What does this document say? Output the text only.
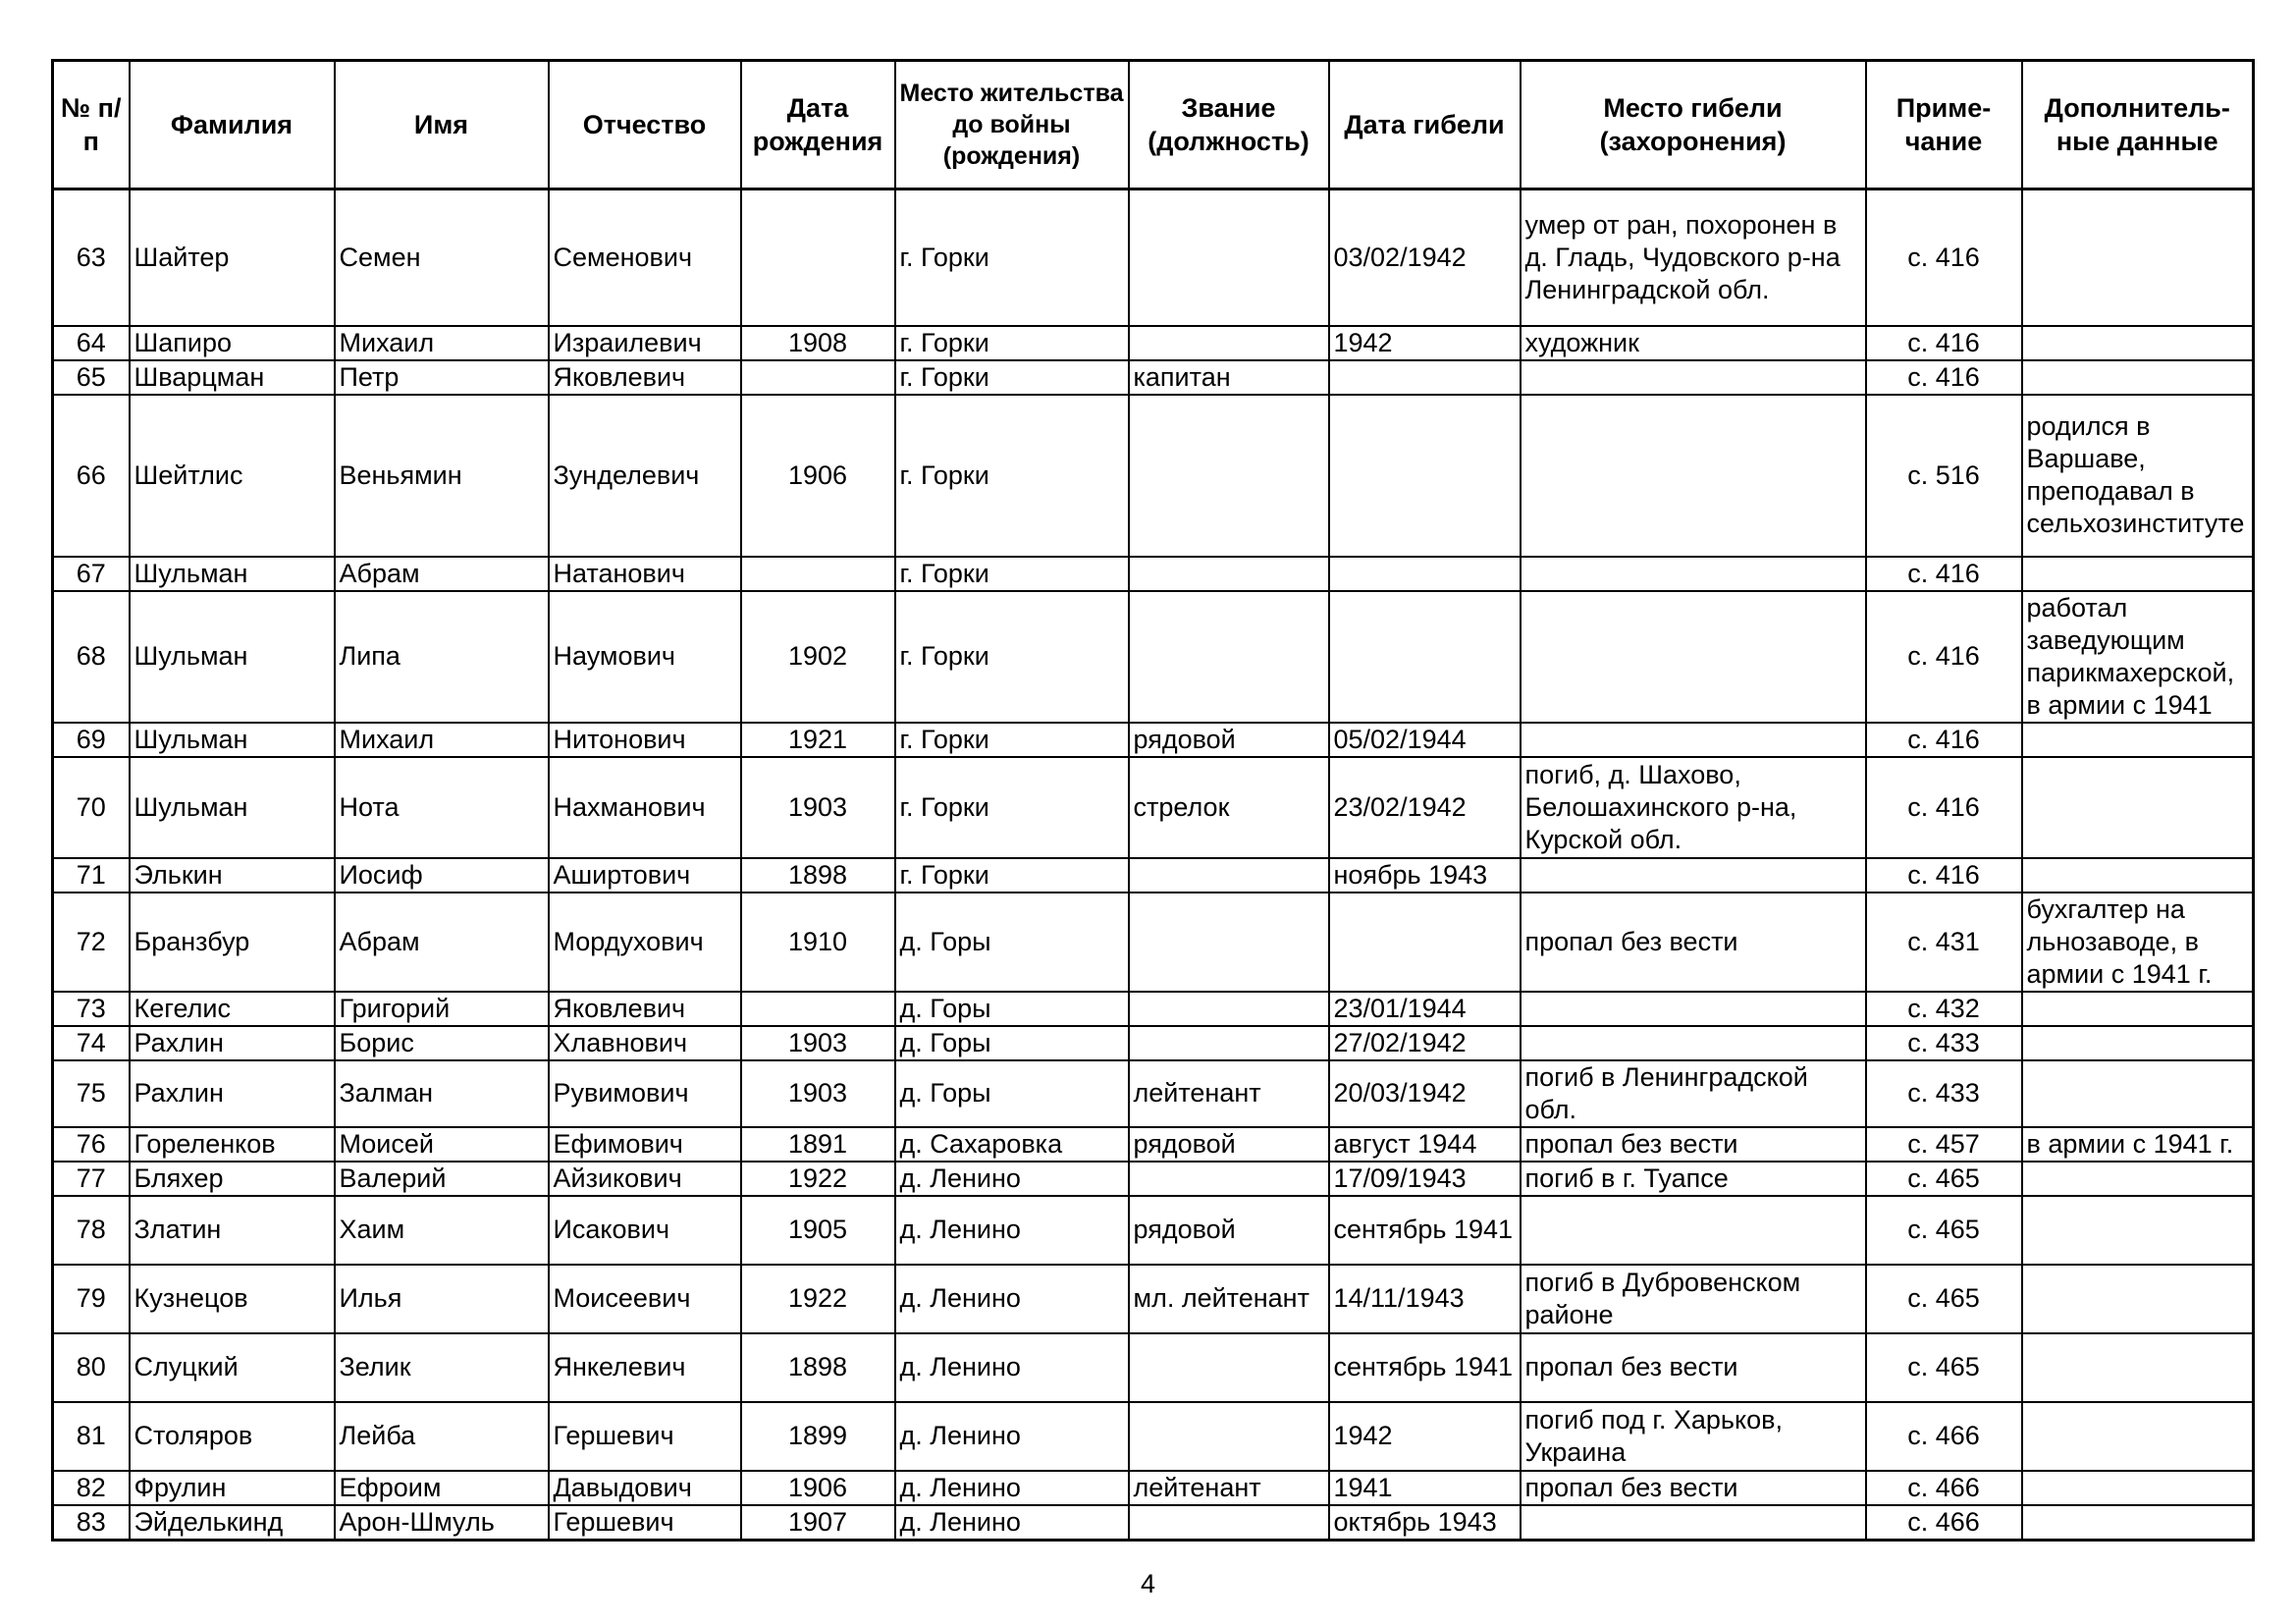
№ п/п	Фамилия	Имя	Отчество	Дата рождения	Место жительства до войны (рождения)	Звание (должность)	Дата гибели	Место гибели (захоронения)	Приме-чание	Дополнитель-ные данные
63	Шайтер	Семен	Семенович		г. Горки		03/02/1942	умер от ран, похоронен в д. Гладь, Чудовского р-на Ленинградской обл.	с. 416	
64	Шапиро	Михаил	Израилевич	1908	г. Горки		1942	художник	с. 416	
65	Шварцман	Петр	Яковлевич		г. Горки	капитан			с. 416	
66	Шейтлис	Веньямин	Зунделевич	1906	г. Горки				с. 516	родился в Варшаве, преподавал в сельхозинституте
67	Шульман	Абрам	Натанович		г. Горки				с. 416	
68	Шульман	Липа	Наумович	1902	г. Горки				с. 416	работал заведующим парикмахерской, в армии с 1941
69	Шульман	Михаил	Нитонович	1921	г. Горки	рядовой	05/02/1944		с. 416	
70	Шульман	Нота	Нахманович	1903	г. Горки	стрелок	23/02/1942	погиб, д. Шахово, Белошахинского р-на, Курской обл.	с. 416	
71	Элькин	Иосиф	Аширтович	1898	г. Горки		ноябрь 1943		с. 416	
72	Бранзбур	Абрам	Мордухович	1910	д. Горы			пропал без вести	с. 431	бухгалтер на льнозаводе, в армии с 1941 г.
73	Кегелис	Григорий	Яковлевич		д. Горы		23/01/1944		с. 432	
74	Рахлин	Борис	Хлавнович	1903	д. Горы		27/02/1942		с. 433	
75	Рахлин	Залман	Рувимович	1903	д. Горы	лейтенант	20/03/1942	погиб в Ленинградской обл.	с. 433	
76	Гореленков	Моисей	Ефимович	1891	д. Сахаровка	рядовой	август 1944	пропал без вести	с. 457	в армии с 1941 г.
77	Бляхер	Валерий	Айзикович	1922	д. Ленино		17/09/1943	погиб в г. Туапсе	с. 465	
78	Златин	Хаим	Исакович	1905	д. Ленино	рядовой	сентябрь 1941		с. 465	
79	Кузнецов	Илья	Моисеевич	1922	д. Ленино	мл. лейтенант	14/11/1943	погиб в Дубровенском районе	с. 465	
80	Слуцкий	Зелик	Янкелевич	1898	д. Ленино		сентябрь 1941	пропал без вести	с. 465	
81	Столяров	Лейба	Гершевич	1899	д. Ленино		1942	погиб под г. Харьков, Украина	с. 466	
82	Фрулин	Ефроим	Давыдович	1906	д. Ленино	лейтенант	1941	пропал без вести	с. 466	
83	Эйделькинд	Арон-Шмуль	Гершевич	1907	д. Ленино		октябрь 1943		с. 466	
4
